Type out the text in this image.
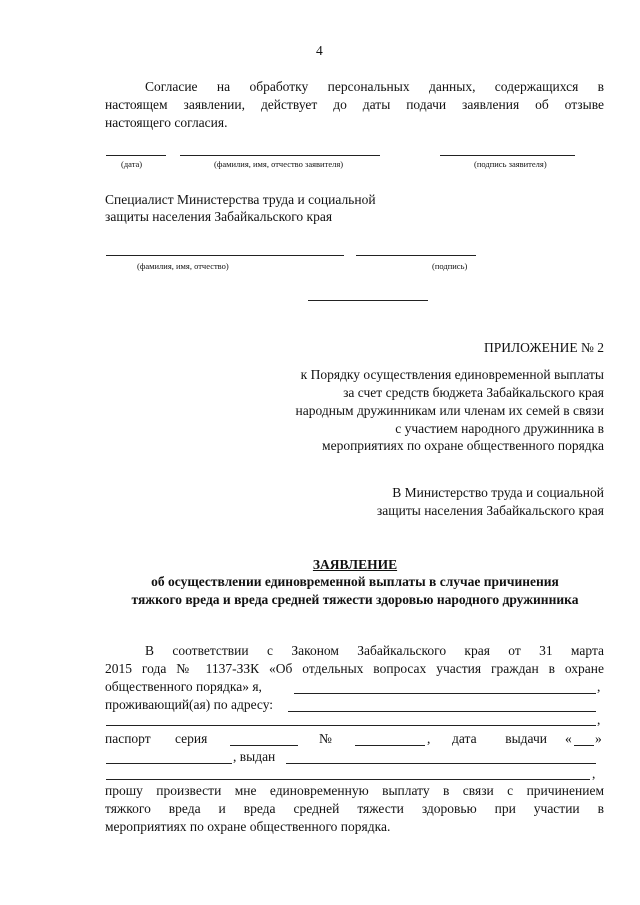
4
Согласие на обработку персональных данных, содержащихся в
настоящем заявлении, действует до даты подачи заявления об отзыве
настоящего согласия.
(дата)	(фамилия, имя, отчество заявителя)	(подпись заявителя)
Специалист Министерства труда и социальной
защиты населения Забайкальского края
(фамилия, имя, отчество)	(подпись)
ПРИЛОЖЕНИЕ № 2
к Порядку осуществления единовременной выплаты
за счет средств бюджета Забайкальского края
народным дружинникам или членам их семей в связи
с участием народного дружинника в
мероприятиях по охране общественного порядка
В Министерство труда и социальной
защиты населения Забайкальского края
ЗАЯВЛЕНИЕ
об осуществлении единовременной выплаты в случае причинения
тяжкого вреда и вреда средней тяжести здоровью народного дружинника
В соответствии с Законом Забайкальского края от 31 марта
2015 года № 1137-ЗЗК «Об отдельных вопросах участия граждан в охране
общественного порядка» я,	,
проживающий(ая) по адресу:
,
паспорт серия	№	, дата выдачи « »
, выдан
,
прошу произвести мне единовременную выплату в связи с причинением
тяжкого вреда и вреда средней тяжести здоровью при участии в
мероприятиях по охране общественного порядка.
